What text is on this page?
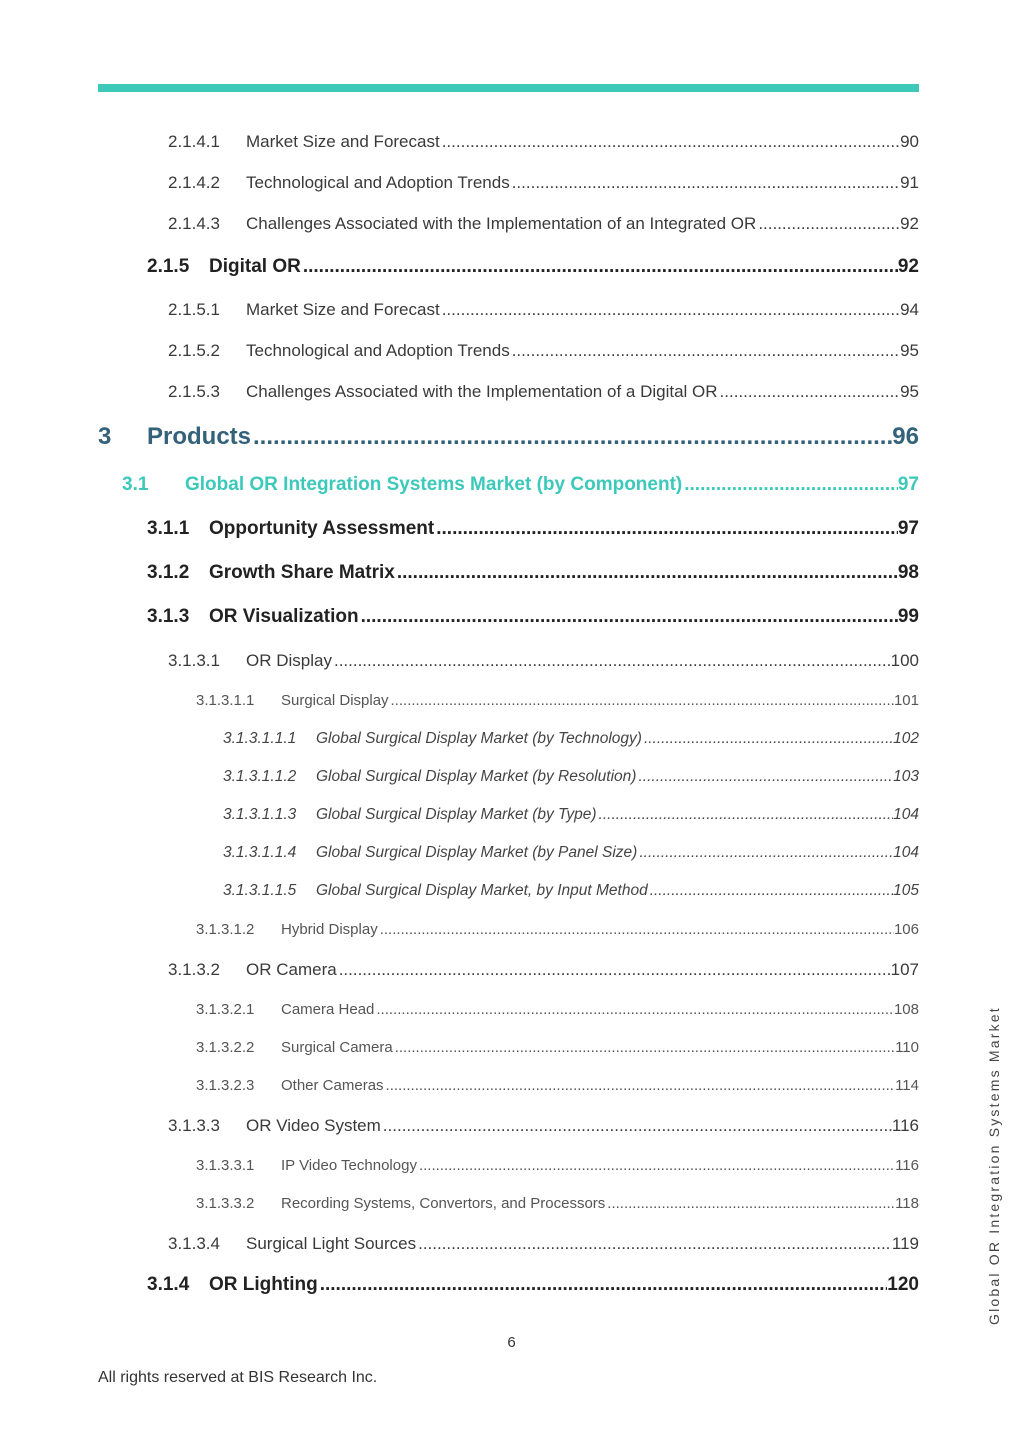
2.1.4.1	Market Size and Forecast .....	90
2.1.4.2	Technological and Adoption Trends .....	91
2.1.4.3	Challenges Associated with the Implementation of an Integrated OR .....	92
2.1.5	Digital OR .....	92
2.1.5.1	Market Size and Forecast .....	94
2.1.5.2	Technological and Adoption Trends .....	95
2.1.5.3	Challenges Associated with the Implementation of a Digital OR .....	95
3	Products .....	96
3.1	Global OR Integration Systems Market (by Component) .....	97
3.1.1	Opportunity Assessment .....	97
3.1.2	Growth Share Matrix .....	98
3.1.3	OR Visualization .....	99
3.1.3.1	OR Display .....	100
3.1.3.1.1	Surgical Display .....	101
3.1.3.1.1.1	Global Surgical Display Market (by Technology) .....	102
3.1.3.1.1.2	Global Surgical Display Market (by Resolution) .....	103
3.1.3.1.1.3	Global Surgical Display Market (by Type) .....	104
3.1.3.1.1.4	Global Surgical Display Market (by Panel Size) .....	104
3.1.3.1.1.5	Global Surgical Display Market, by Input Method .....	105
3.1.3.1.2	Hybrid Display .....	106
3.1.3.2	OR Camera .....	107
3.1.3.2.1	Camera Head .....	108
3.1.3.2.2	Surgical Camera .....	110
3.1.3.2.3	Other Cameras .....	114
3.1.3.3	OR Video System .....	116
3.1.3.3.1	IP Video Technology .....	116
3.1.3.3.2	Recording Systems, Convertors, and Processors .....	118
3.1.3.4	Surgical Light Sources .....	119
3.1.4	OR Lighting .....	120	Global OR Integration Systems Market
6
All rights reserved at BIS Research Inc.
